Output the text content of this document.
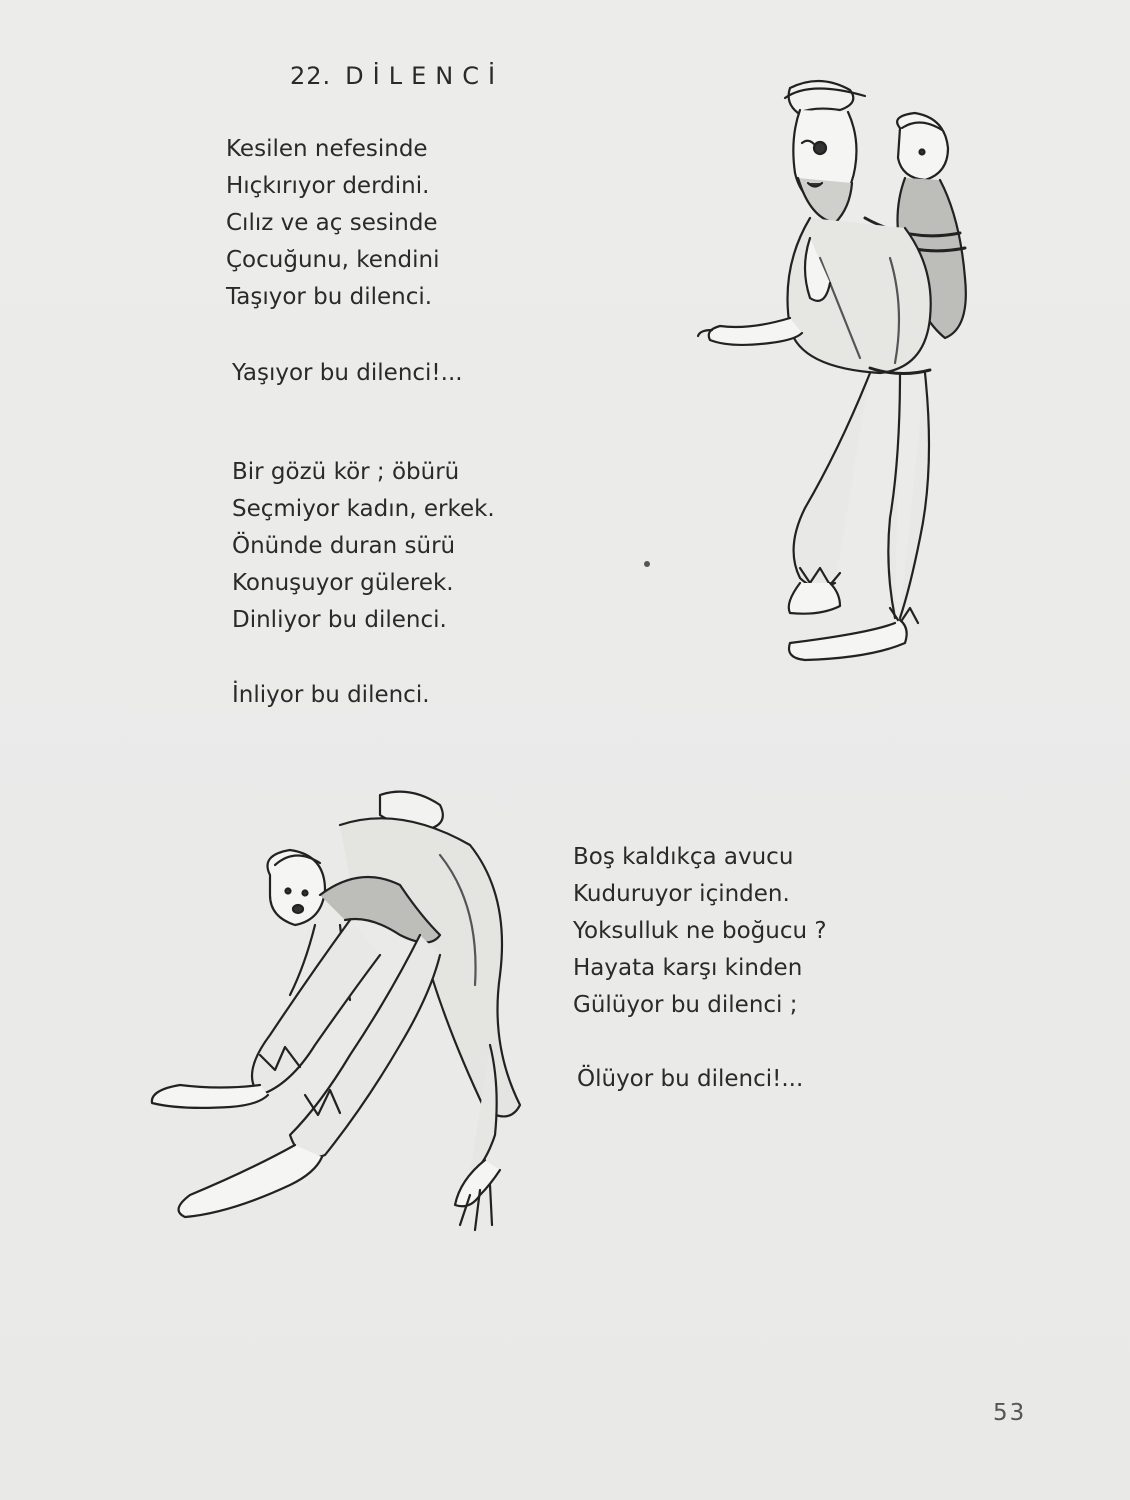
22. DİLENCİ
Kesilen nefesinde
Hıçkırıyor derdini.
Cılız ve aç sesinde
Çocuğunu, kendini
Taşıyor bu dilenci.
Yaşıyor bu dilenci!...
Bir gözü kör ; öbürü
Seçmiyor kadın, erkek.
Önünde duran sürü
Konuşuyor gülerek.
Dinliyor bu dilenci.
İnliyor bu dilenci.
Boş kaldıkça avucu
Kuduruyor içinden.
Yoksulluk ne boğucu ?
Hayata karşı kinden
Gülüyor bu dilenci ;
Ölüyor bu dilenci!...
53
